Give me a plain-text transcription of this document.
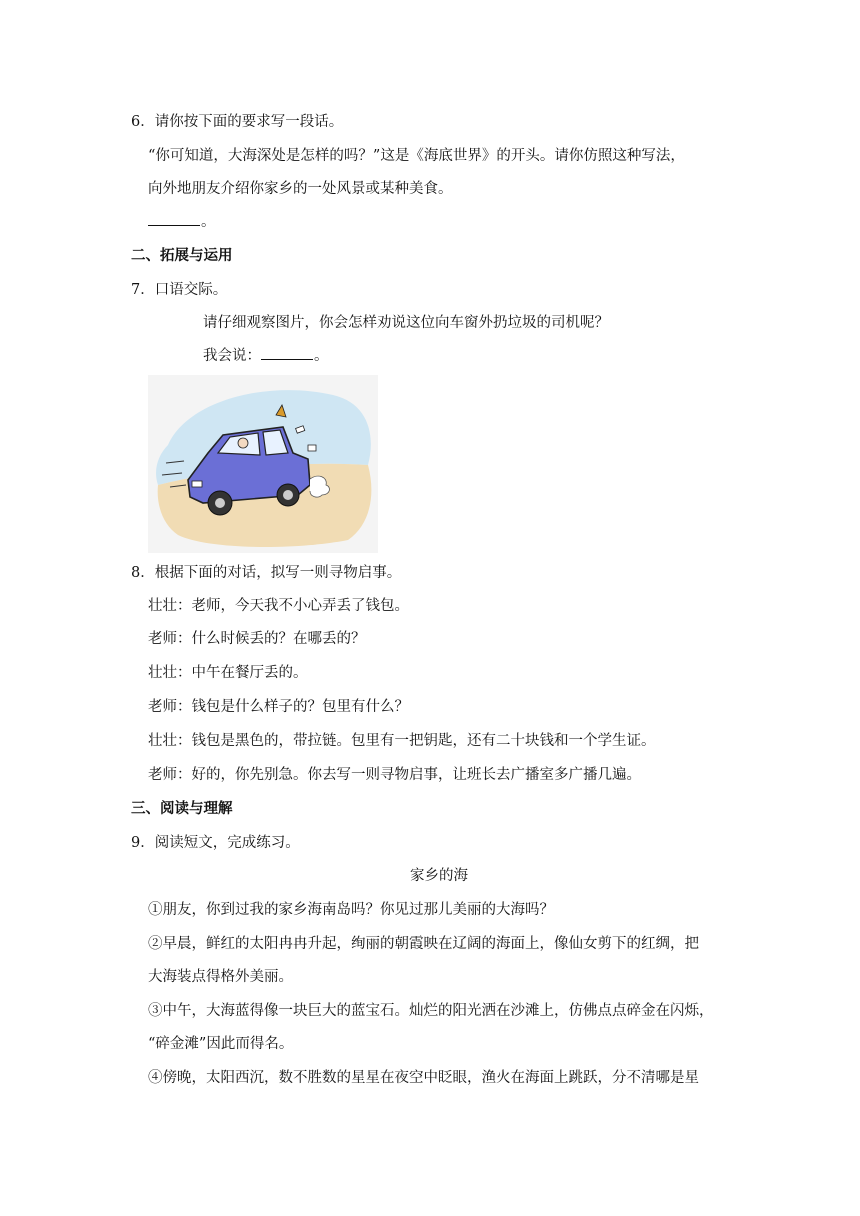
6．请你按下面的要求写一段话。
“你可知道，大海深处是怎样的吗？”这是《海底世界》的开头。请你仿照这种写法，
向外地朋友介绍你家乡的一处风景或某种美食。
。
二、拓展与运用
7．口语交际。
请仔细观察图片，你会怎样劝说这位向车窗外扔垃圾的司机呢？
我会说：	。
8．根据下面的对话，拟写一则寻物启事。
壮壮：老师，今天我不小心弄丢了钱包。
老师：什么时候丢的？在哪丢的？
壮壮：中午在餐厅丢的。
老师：钱包是什么样子的？包里有什么？
壮壮：钱包是黑色的，带拉链。包里有一把钥匙，还有二十块钱和一个学生证。
老师：好的，你先别急。你去写一则寻物启事，让班长去广播室多广播几遍。
三、阅读与理解
9．阅读短文，完成练习。
家乡的海
①朋友，你到过我的家乡海南岛吗？你见过那儿美丽的大海吗？
②早晨，鲜红的太阳冉冉升起，绚丽的朝霞映在辽阔的海面上，像仙女剪下的红绸，把
大海装点得格外美丽。
③中午，大海蓝得像一块巨大的蓝宝石。灿烂的阳光洒在沙滩上，仿佛点点碎金在闪烁，
“碎金滩”因此而得名。
④傍晚，太阳西沉，数不胜数的星星在夜空中眨眼，渔火在海面上跳跃，分不清哪是星
